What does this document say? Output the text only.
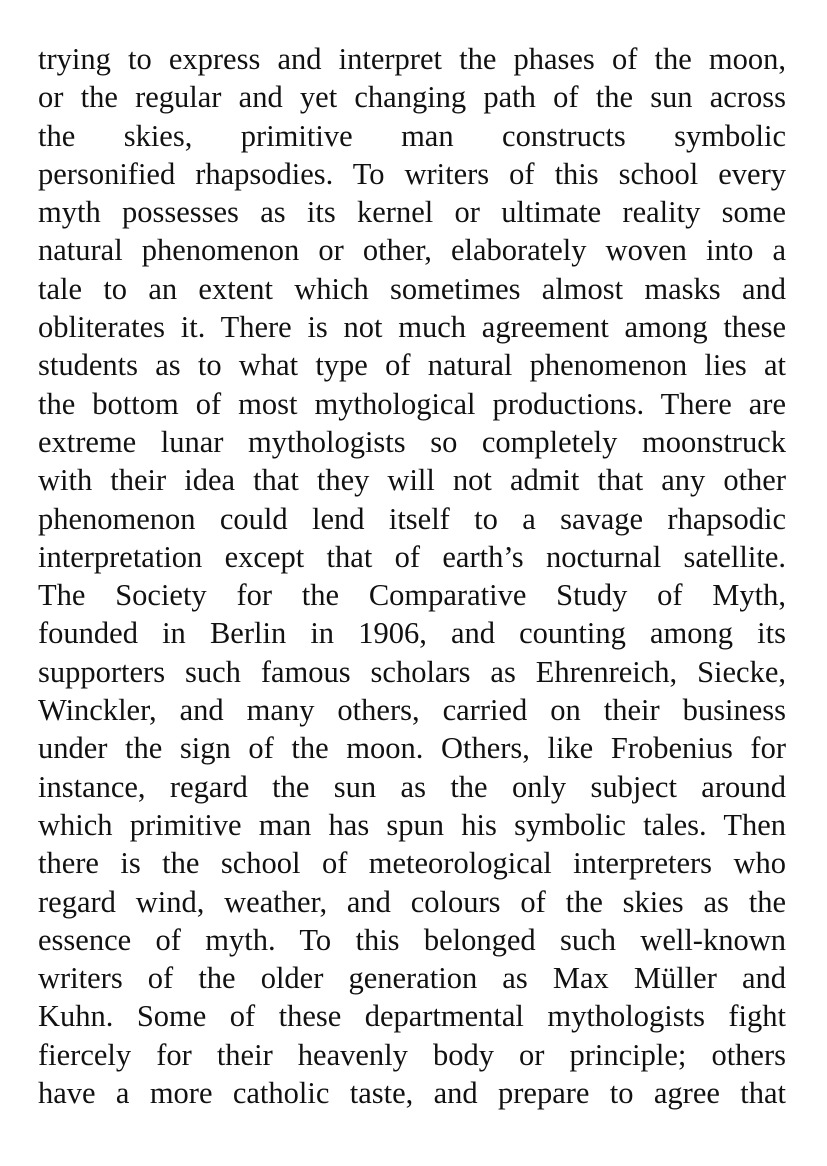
trying to express and interpret the phases of the moon,
or the regular and yet changing path of the sun across
the skies, primitive man constructs symbolic
personified rhapsodies. To writers of this school every
myth possesses as its kernel or ultimate reality some
natural phenomenon or other, elaborately woven into a
tale to an extent which sometimes almost masks and
obliterates it. There is not much agreement among these
students as to what type of natural phenomenon lies at
the bottom of most mythological productions. There are
extreme lunar mythologists so completely moonstruck
with their idea that they will not admit that any other
phenomenon could lend itself to a savage rhapsodic
interpretation except that of earth’s nocturnal satellite.
The Society for the Comparative Study of Myth,
founded in Berlin in 1906, and counting among its
supporters such famous scholars as Ehrenreich, Siecke,
Winckler, and many others, carried on their business
under the sign of the moon. Others, like Frobenius for
instance, regard the sun as the only subject around
which primitive man has spun his symbolic tales. Then
there is the school of meteorological interpreters who
regard wind, weather, and colours of the skies as the
essence of myth. To this belonged such well-known
writers of the older generation as Max Müller and
Kuhn. Some of these departmental mythologists fight
fiercely for their heavenly body or principle; others
have a more catholic taste, and prepare to agree that
